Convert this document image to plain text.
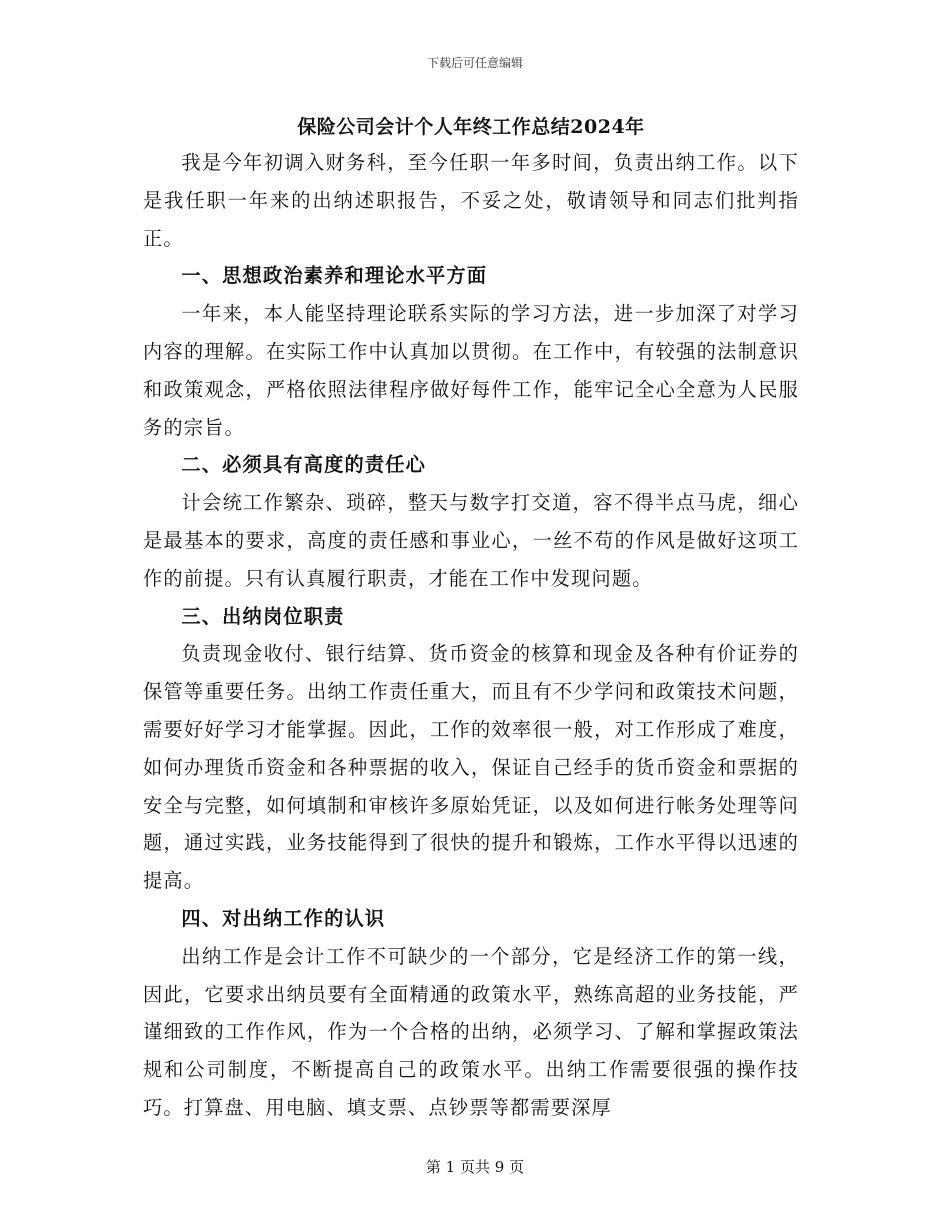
下载后可任意编辑
保险公司会计个人年终工作总结2024年

我是今年初调入财务科，至今任职一年多时间，负责出纳工作。以下是我任职一年来的出纳述职报告，不妥之处，敬请领导和同志们批判指正。

一、思想政治素养和理论水平方面

一年来，本人能坚持理论联系实际的学习方法，进一步加深了对学习内容的理解。在实际工作中认真加以贯彻。在工作中，有较强的法制意识和政策观念，严格依照法律程序做好每件工作，能牢记全心全意为人民服务的宗旨。

二、必须具有高度的责任心

计会统工作繁杂、琐碎，整天与数字打交道，容不得半点马虎，细心是最基本的要求，高度的责任感和事业心，一丝不苟的作风是做好这项工作的前提。只有认真履行职责，才能在工作中发现问题。

三、出纳岗位职责

负责现金收付、银行结算、货币资金的核算和现金及各种有价证券的保管等重要任务。出纳工作责任重大，而且有不少学问和政策技术问题，需要好好学习才能掌握。因此，工作的效率很一般，对工作形成了难度，如何办理货币资金和各种票据的收入，保证自己经手的货币资金和票据的安全与完整，如何填制和审核许多原始凭证，以及如何进行帐务处理等问题，通过实践，业务技能得到了很快的提升和锻炼，工作水平得以迅速的提高。

四、对出纳工作的认识

出纳工作是会计工作不可缺少的一个部分，它是经济工作的第一线，因此，它要求出纳员要有全面精通的政策水平，熟练高超的业务技能，严谨细致的工作作风，作为一个合格的出纳，必须学习、了解和掌握政策法规和公司制度，不断提高自己的政策水平。出纳工作需要很强的操作技巧。打算盘、用电脑、填支票、点钞票等都需要深厚

第 1 页共 9 页
